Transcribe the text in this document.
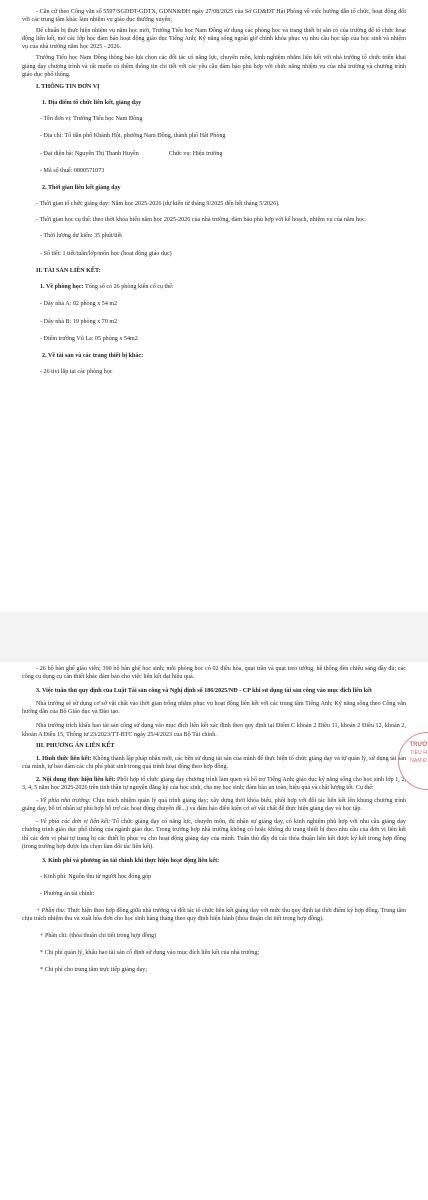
- Căn cứ theo Công văn số 5597/SGDĐT-GDTX, GDNN&ĐH ngày 27/08/2025 của Sở GD&ĐT Hải Phòng về việc hướng dẫn tổ chức, hoạt động đối với các trung tâm khác làm nhiệm vụ giáo dục thường xuyên;

Để chuẩn bị thực hiện nhiệm vụ năm học mới, Trường Tiểu học Nam Đồng sử dụng các phòng học và trang thiết bị sẵn có của trường để tổ chức hoạt động liên kết, mở các lớp học đảm bảo hoạt động giáo dục Tiếng Anh; Kỹ năng sống ngoài giờ chính khóa phục vụ nhu cầu học tập của học sinh và nhiệm vụ của nhà trường năm học 2025 - 2026.

Trường Tiểu học Nam Đồng thông báo lựa chọn các đối tác có năng lực, chuyên môn, kinh nghiệm nhằm liên kết với nhà trường tổ chức triển khai giảng dạy chương trình và rất muốn có thêm thông tin chi tiết với các yêu cầu đảm bảo phù hợp với chức năng nhiệm vụ của nhà trường và chương trình giáo dục phổ thông.

I. THÔNG TIN ĐƠN VỊ

1. Địa điểm tổ chức liên kết, giảng dạy

- Tên đơn vị: Trường Tiểu học Nam Đồng

- Địa chỉ: Tổ dân phố Khánh Hội, phường Nam Đồng, thành phố Hải Phòng

- Đại diện bà: Nguyễn Thị Thanh Huyền	Chức vụ: Hiệu trưởng

- Mã số thuế: 0800571073

2. Thời gian liên kết giảng dạy

- Thời gian tổ chức giảng dạy: Năm học 2025-2026 (dự kiến từ tháng 9/2025 đến hết tháng 5/2026).

- Thời gian học cụ thể: theo thời khóa biểu năm học 2025-2026 của nhà trường, đảm bảo phù hợp với kế hoạch, nhiệm vụ của năm học.

- Thời lượng dự kiến: 35 phút/tiết

- Số tiết: 1 tiết/tuần/lớp/môn học (hoạt động giáo dục)

II. TÀI SẢN LIÊN KẾT:

1. Về phòng học: Tổng số có 26 phòng kiên cố cụ thể:

- Dãy nhà A: 02 phòng x 54 m2

- Dãy nhà B: 19 phòng x 70 m2

- Điểm trường Vũ La: 05 phòng x 54m2

2. Về tài sản và các trang thiết bị khác:

- 26 tivi lắp tại các phòng học

- 26 bộ bàn ghế giáo viên; 390 bộ bàn ghế học sinh; mỗi phòng học có 02 điều hòa, quạt trần và quạt treo tường, hệ thống đèn chiếu sáng đầy đủ; các công cụ dụng cụ cần thiết khác đảm bảo cho việc liên kết đạt hiệu quả.

3. Việc tuân thủ quy định của Luật Tài sản công và Nghị định số 186/2025/NĐ - CP khi sử dụng tài sản công vào mục đích liên kết

Nhà trường sẽ sử dụng cơ sở vật chất vào thời gian trống nhằm phục vụ hoạt động liên kết với các trung tâm Tiếng Anh; Kỹ năng sống theo Công văn hướng dẫn của Bộ Giáo dục và Đào tạo.

Nhà trường trích khấu hao tài sản công sử dụng vào mục đích liên kết xác định theo quy định tại Điểm C khoản 2 Điều 11, khoản 2 Điều 12, khoản 2, khoản A Điều 15, Thông tư 23/2023/TT-BTC ngày 25/4/2023 của Bộ Tài chính.

III. PHƯƠNG ÁN LIÊN KẾT

1. Hình thức liên kết: Không thành lập pháp nhân mới, các bên sử dụng tài sản của mình để thực hiện tổ chức giảng dạy và tự quản lý, sử dụng tài sản của mình, tự bảo đảm các chi phí phát sinh trong quá trình hoạt động theo hợp đồng.

2. Nội dung thực hiện liên kết: Phối hợp tổ chức giảng dạy chương trình làm quen và bổ trợ Tiếng Anh; giáo dục kỹ năng sống cho học sinh lớp 1, 2, 3, 4, 5 năm học 2025-2026 trên tinh thần tự nguyện đăng ký của học sinh, cha mẹ học sinh; đảm bảo an toàn, hiệu quả và chất lượng tốt. Cụ thể:

- Về phía nhà trường: Chịu trách nhiệm quản lý quá trình giảng dạy; xây dựng thời khóa biểu, phối hợp với đối tác liên kết lên khung chương trình giảng dạy, bố trí nhân sự phù hợp hỗ trợ các hoạt động chuyên đề...) và đảm bảo điều kiện cơ sở vật chất để thực hiện giảng dạy và học tập.

- Về phía các đơn vị liên kết: Tổ chức giảng dạy có năng lực, chuyên môn, đủ nhân sự giảng dạy, có kinh nghiệm phù hợp với nhu cầu giảng dạy chương trình giáo dục phổ thông của ngành giáo dục. Trong trường hợp nhà trường không có hoặc không đủ trang thiết bị theo nhu cầu của đơn vị liên kết thì các đơn vị phải tự trang bị các thiết bị phục vụ cho hoạt động giảng dạy của mình. Tuân thủ đầy đủ các thỏa thuận liên kết được ký kết trong hợp đồng (trong trường hợp được lựa chọn làm đối tác liên kết).

3. Kinh phí và phương án tài chính khi thực hiện hoạt động liên kết:

- Kinh phí: Nguồn thu từ người học đóng góp

- Phương án tài chính:

+ Phần thu: Thực hiện theo hợp đồng giữa nhà trường và đối tác tổ chức liên kết giảng dạy với mức thu quy định tại thời điểm ký hợp đồng. Trung tâm chịu trách nhiệm thu và xuất hóa đơn cho học sinh hàng tháng theo quy định hiện hành (thỏa thuận chi tiết trong hợp đồng).

+ Phần chi: (thỏa thuận chi tiết trong hợp đồng)

* Chi phí quản lý, khấu hao tài sản cố định sử dụng vào mục đích liên kết của nhà trường;

* Chi phí cho trung tâm trực tiếp giảng dạy;

TRƯỜ
TIỂU H
NAM Đ
